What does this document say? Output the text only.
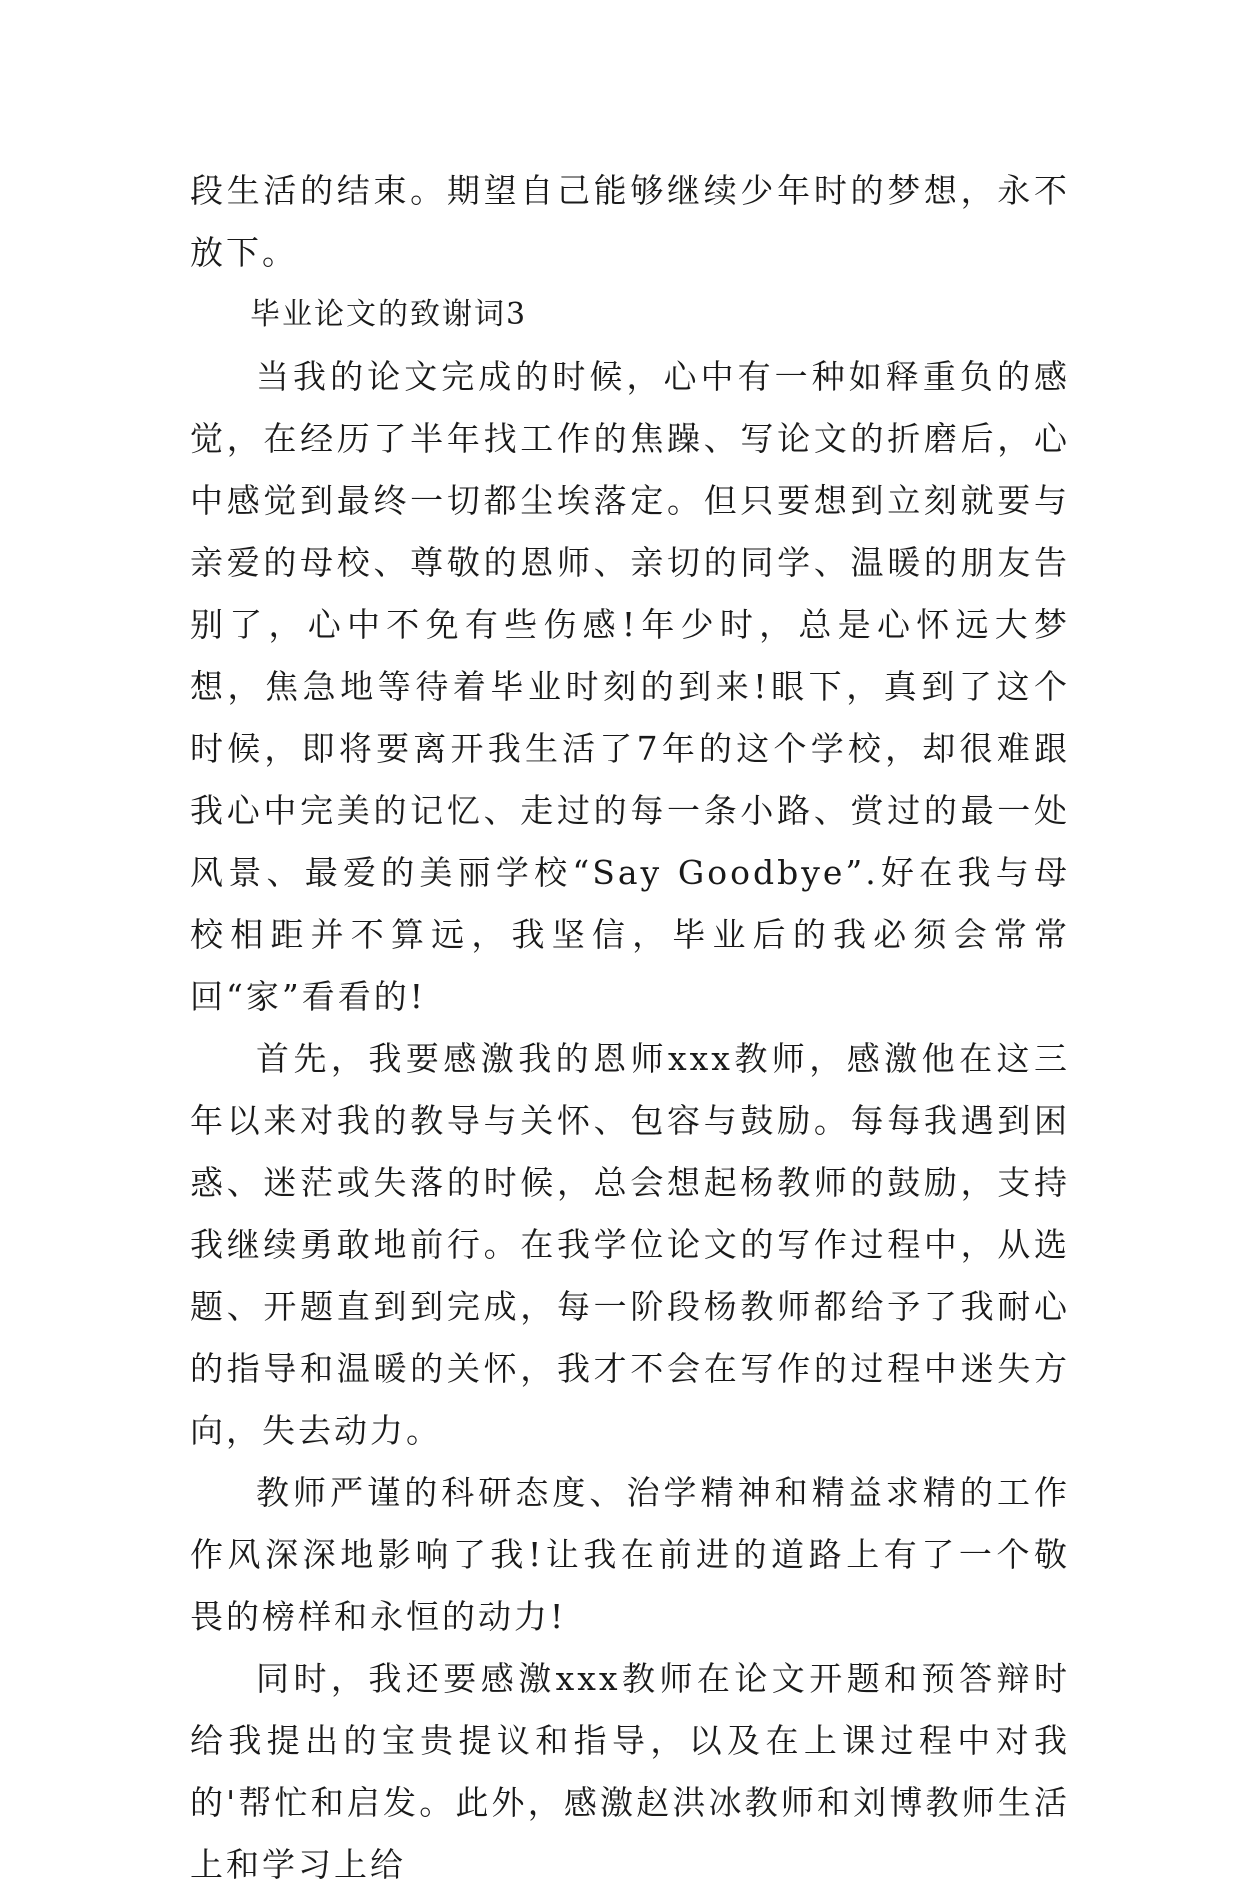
段生活的结束。期望自己能够继续少年时的梦想，永不放下。

毕业论文的致谢词3

当我的论文完成的时候，心中有一种如释重负的感觉，在经历了半年找工作的焦躁、写论文的折磨后，心中感觉到最终一切都尘埃落定。但只要想到立刻就要与亲爱的母校、尊敬的恩师、亲切的同学、温暖的朋友告别了，心中不免有些伤感!年少时，总是心怀远大梦想，焦急地等待着毕业时刻的到来!眼下，真到了这个时候，即将要离开我生活了7年的这个学校，却很难跟我心中完美的记忆、走过的每一条小路、赏过的最一处风景、最爱的美丽学校“Say Goodbye”.好在我与母校相距并不算远，我坚信，毕业后的我必须会常常回“家”看看的!

首先，我要感激我的恩师xxx教师，感激他在这三年以来对我的教导与关怀、包容与鼓励。每每我遇到困惑、迷茫或失落的时候，总会想起杨教师的鼓励，支持我继续勇敢地前行。在我学位论文的写作过程中，从选题、开题直到到完成，每一阶段杨教师都给予了我耐心的指导和温暖的关怀，我才不会在写作的过程中迷失方向，失去动力。

教师严谨的科研态度、治学精神和精益求精的工作作风深深地影响了我!让我在前进的道路上有了一个敬畏的榜样和永恒的动力!

同时，我还要感激xxx教师在论文开题和预答辩时给我提出的宝贵提议和指导，以及在上课过程中对我的'帮忙和启发。此外，感激赵洪冰教师和刘博教师生活上和学习上给
